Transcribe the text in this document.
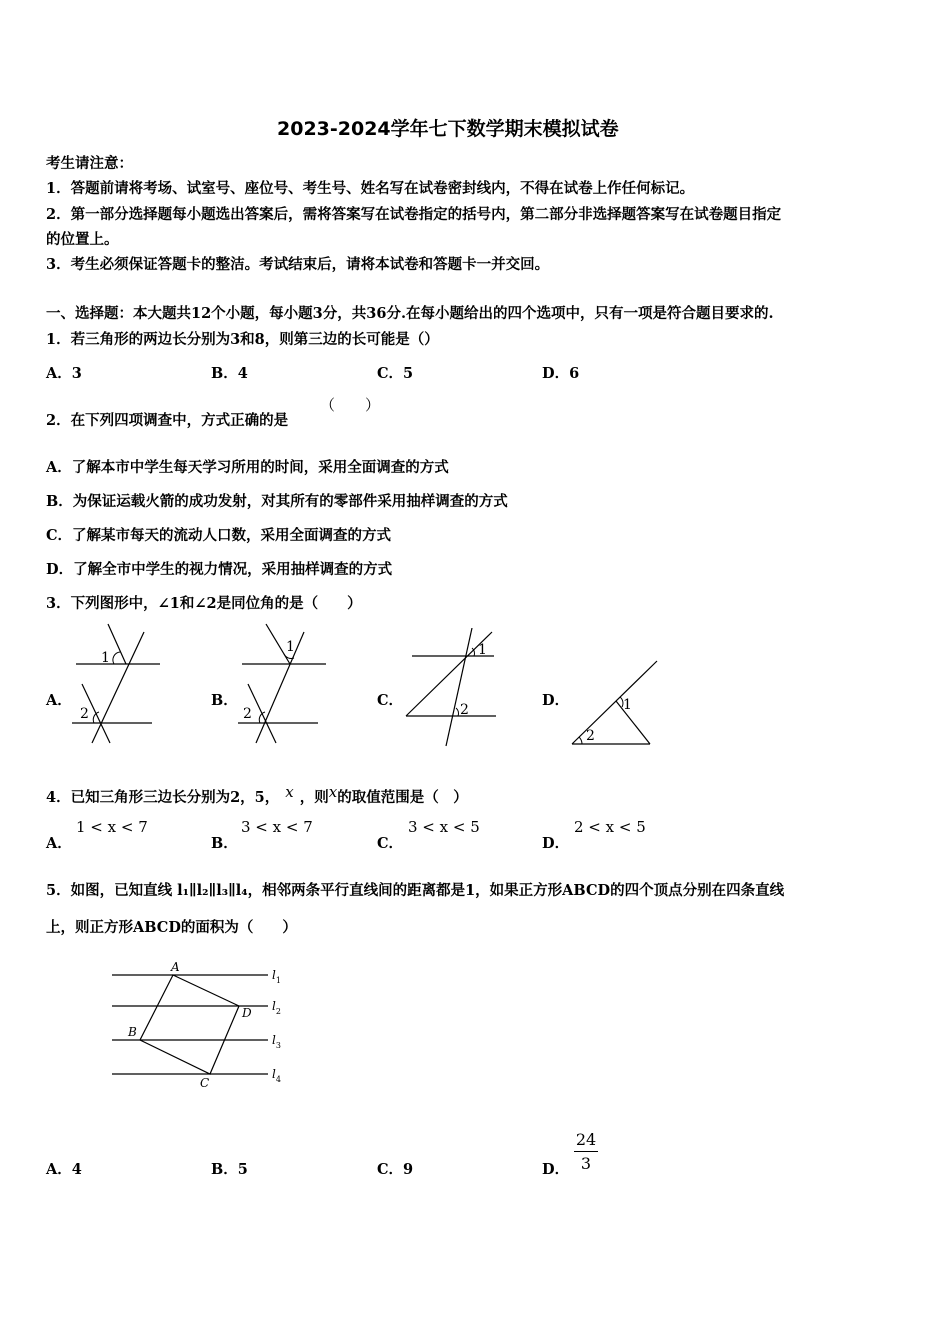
2023-2024学年七下数学期末模拟试卷
考生请注意：
1．答题前请将考场、试室号、座位号、考生号、姓名写在试卷密封线内，不得在试卷上作任何标记。
2．第一部分选择题每小题选出答案后，需将答案写在试卷指定的括号内，第二部分非选择题答案写在试卷题目指定
的位置上。
3．考生必须保证答题卡的整洁。考试结束后，请将本试卷和答题卡一并交回。
一、选择题：本大题共12个小题，每小题3分，共36分.在每小题给出的四个选项中，只有一项是符合题目要求的.
1．若三角形的两边长分别为3和8，则第三边的长可能是（）
A．3	B．4	C．5	D．6
2．在下列四项调查中，方式正确的是
（　　）
A．了解本市中学生每天学习所用的时间，采用全面调查的方式
B．为保证运载火箭的成功发射，对其所有的零部件采用抽样调查的方式
C．了解某市每天的流动人口数，采用全面调查的方式
D．了解全市中学生的视力情况，采用抽样调查的方式
3．下列图形中，∠1和∠2是同位角的是（　　）
A．
1
2
B．
1
2
C．
1
2
D．	1
2
4．已知三角形三边长分别为2，5， x ，则x的取值范围是（　）
A．
1 < x < 7
B．
3 < x < 7
C．
3 < x < 5
D．
2 < x < 5
5．如图，已知直线 l₁∥l₂∥l₃∥l₄，相邻两条平行直线间的距离都是1，如果正方形ABCD的四个顶点分别在四条直线
上，则正方形ABCD的面积为（　　）
A
B
C
D
$l_1$
$l_2$
$l_3$
$l_4$
A．4	B．5	C．9	D．
24
3
